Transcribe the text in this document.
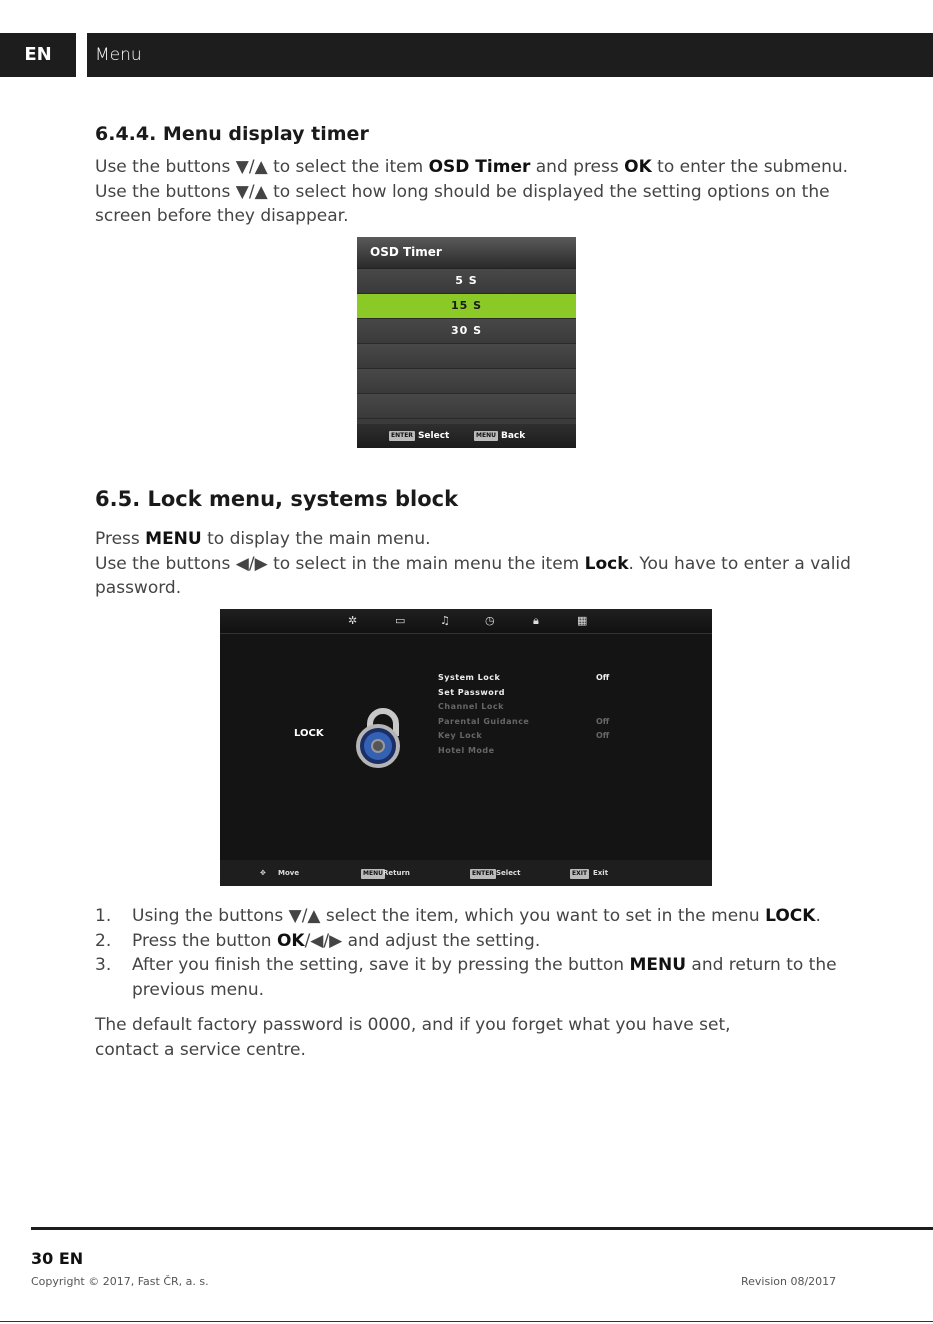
EN	Menu
6.4.4. Menu display timer

Use the buttons ▼/▲ to select the item OSD Timer and press OK to enter the submenu.
Use the buttons ▼/▲ to select how long should be displayed the setting options on the screen before they disappear.

OSD Timer
5 S
15 S
30 S
ENTER Select	MENU Back
6.5. Lock menu, systems block

Press MENU to display the main menu.
Use the buttons ◀/▶ to select in the main menu the item Lock. You have to enter a valid password.

✲	▭	♫	◷	🔒︎	▦
LOCK
System Lock	Off
Set Password
Channel Lock
Parental Guidance	Off
Key Lock	Off
Hotel Mode
✥ Move	MENU Return	ENTER Select	EXIT Exit
1. Using the buttons ▼/▲ select the item, which you want to set in the menu LOCK.
2. Press the button OK/◀/▶ and adjust the setting.
3. After you finish the setting, save it by pressing the button MENU and return to the previous menu.

The default factory password is 0000, and if you forget what you have set, contact a service centre.

30 EN
Copyright © 2017, Fast ČR, a. s.	Revision 08/2017
